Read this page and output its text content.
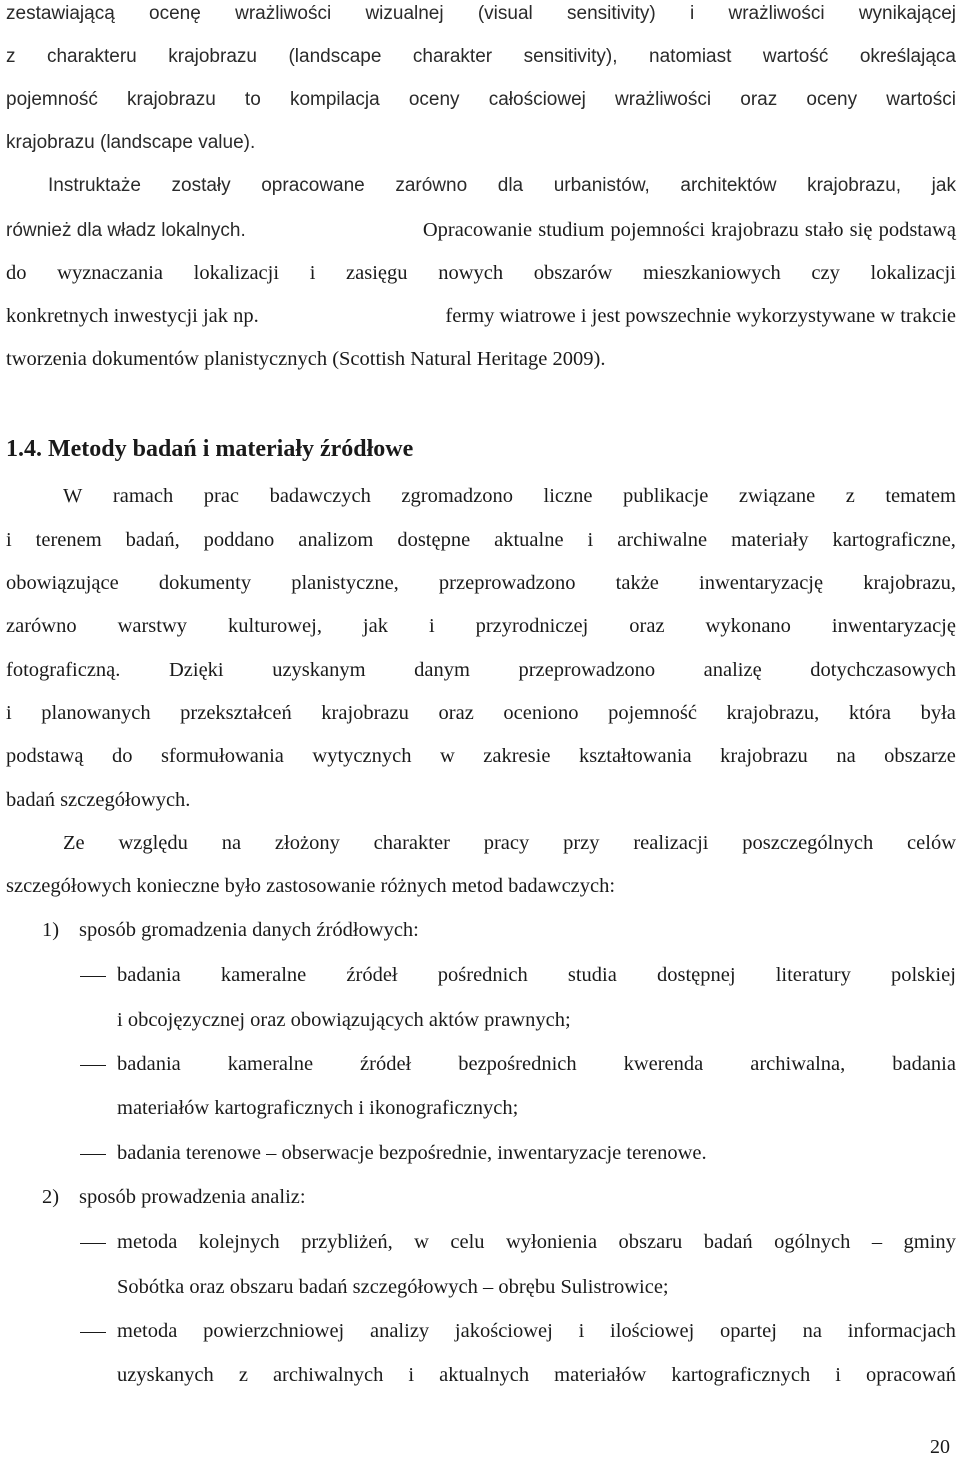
zestawiającą ocenę wrażliwości wizualnej (visual sensitivity) i wrażliwości wynikającej
z charakteru krajobrazu (landscape charakter sensitivity), natomiast wartość określająca
pojemność krajobrazu to kompilacja oceny całościowej wrażliwości oraz oceny wartości
krajobrazu (landscape value).
Instruktaże zostały opracowane zarówno dla urbanistów, architektów krajobrazu, jak
również dla władz lokalnych.	Opracowanie studium pojemności krajobrazu stało się podstawą
do wyznaczania lokalizacji i zasięgu nowych obszarów mieszkaniowych czy lokalizacji
konkretnych inwestycji jak np.	fermy wiatrowe i jest powszechnie wykorzystywane w trakcie
tworzenia dokumentów planistycznych (Scottish Natural Heritage 2009).
1.4. Metody badań i materiały źródłowe
W ramach prac badawczych zgromadzono liczne publikacje związane z tematem
i terenem badań, poddano analizom dostępne aktualne i archiwalne materiały kartograficzne,
obowiązujące dokumenty planistyczne, przeprowadzono także inwentaryzację krajobrazu,
zarówno warstwy kulturowej, jak i przyrodniczej oraz wykonano inwentaryzację
fotograficzną. Dzięki uzyskanym danym przeprowadzono analizę dotychczasowych
i planowanych przekształceń krajobrazu oraz oceniono pojemność krajobrazu, która była
podstawą do sformułowania wytycznych w zakresie kształtowania krajobrazu na obszarze
badań szczegółowych.
Ze względu na złożony charakter pracy przy realizacji poszczególnych celów
szczegółowych konieczne było zastosowanie różnych metod badawczych:
1) sposób gromadzenia danych źródłowych:
badania kameralne źródeł pośrednich studia dostępnej literatury polskiej
i obcojęzycznej oraz obowiązujących aktów prawnych;
badania kameralne źródeł bezpośrednich kwerenda archiwalna, badania
materiałów kartograficznych i ikonograficznych;
badania terenowe – obserwacje bezpośrednie, inwentaryzacje terenowe.
2) sposób prowadzenia analiz:
metoda kolejnych przybliżeń, w celu wyłonienia obszaru badań ogólnych – gminy
Sobótka oraz obszaru badań szczegółowych – obrębu Sulistrowice;
metoda powierzchniowej analizy jakościowej i ilościowej opartej na informacjach
uzyskanych z archiwalnych i aktualnych materiałów kartograficznych i opracowań
20
